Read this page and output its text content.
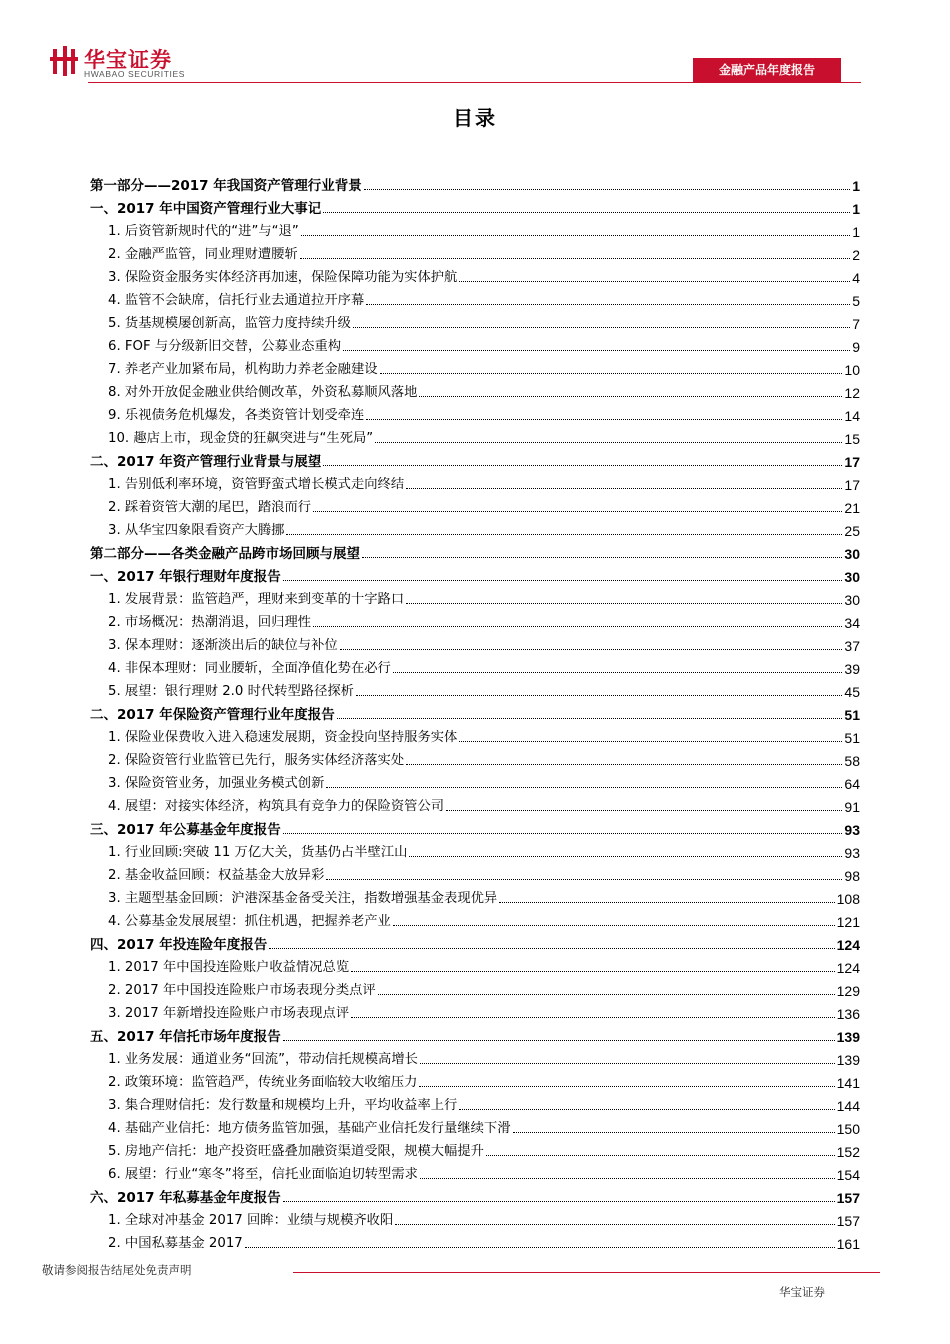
华宝证券
HWABAO SECURITIES	金融产品年度报告
目录
第一部分——2017 年我国资产管理行业背景	1
一、2017 年中国资产管理行业大事记	1
1. 后资管新规时代的“进”与“退”	1
2. 金融严监管，同业理财遭腰斩	2
3. 保险资金服务实体经济再加速，保险保障功能为实体护航	4
4. 监管不会缺席，信托行业去通道拉开序幕	5
5. 货基规模屡创新高，监管力度持续升级	7
6. FOF 与分级新旧交替，公募业态重构	9
7. 养老产业加紧布局，机构助力养老金融建设	10
8. 对外开放促金融业供给侧改革，外资私募顺风落地	12
9. 乐视债务危机爆发，各类资管计划受牵连	14
10. 趣店上市，现金贷的狂飙突进与“生死局”	15
二、2017 年资产管理行业背景与展望	17
1. 告别低利率环境，资管野蛮式增长模式走向终结	17
2. 踩着资管大潮的尾巴，踏浪而行	21
3. 从华宝四象限看资产大腾挪	25
第二部分——各类金融产品跨市场回顾与展望	30
一、2017 年银行理财年度报告	30
1. 发展背景：监管趋严，理财来到变革的十字路口	30
2. 市场概况：热潮消退，回归理性	34
3. 保本理财：逐渐淡出后的缺位与补位	37
4. 非保本理财：同业腰斩，全面净值化势在必行	39
5. 展望：银行理财 2.0 时代转型路径探析	45
二、2017 年保险资产管理行业年度报告	51
1. 保险业保费收入进入稳速发展期，资金投向坚持服务实体	51
2. 保险资管行业监管已先行，服务实体经济落实处	58
3. 保险资管业务，加强业务模式创新	64
4. 展望：对接实体经济，构筑具有竞争力的保险资管公司	91
三、2017 年公募基金年度报告	93
1. 行业回顾:突破 11 万亿大关，货基仍占半壁江山	93
2. 基金收益回顾：权益基金大放异彩	98
3. 主题型基金回顾：沪港深基金备受关注，指数增强基金表现优异	108
4. 公募基金发展展望：抓住机遇，把握养老产业	121
四、2017 年投连险年度报告	124
1. 2017 年中国投连险账户收益情况总览	124
2. 2017 年中国投连险账户市场表现分类点评	129
3. 2017 年新增投连险账户市场表现点评	136
五、2017 年信托市场年度报告	139
1. 业务发展：通道业务“回流”，带动信托规模高增长	139
2. 政策环境：监管趋严，传统业务面临较大收缩压力	141
3. 集合理财信托：发行数量和规模均上升，平均收益率上行	144
4. 基础产业信托：地方债务监管加强，基础产业信托发行量继续下滑	150
5. 房地产信托：地产投资旺盛叠加融资渠道受限，规模大幅提升	152
6. 展望：行业“寒冬”将至，信托业面临迫切转型需求	154
六、2017 年私募基金年度报告	157
1. 全球对冲基金 2017 回眸：业绩与规模齐收阳	157
2. 中国私募基金 2017	161
敬请参阅报告结尾处免责声明
华宝证券
